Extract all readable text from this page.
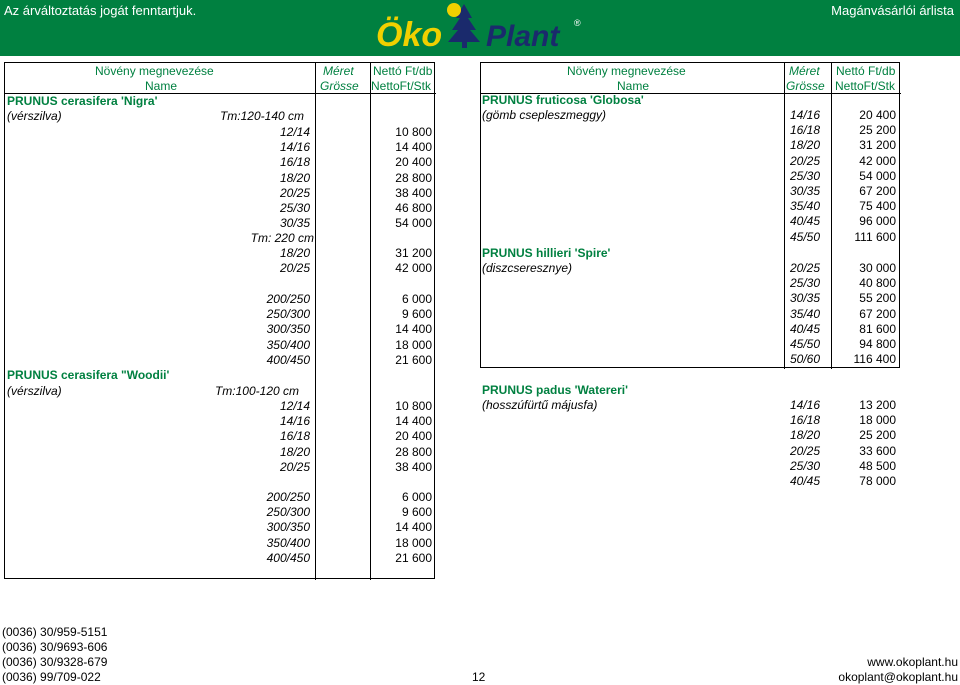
Az árváltoztatás jogát fenntartjuk.	Magánvásárlói árlista
Öko Plant ®
Növény megnevezése	Méret Nettó Ft/db
Name	Grösse NettoFt/Stk
PRUNUS cerasifera 'Nigra'
(vérszilva)	Tm:120-140 cm
12/14	10 800
14/16	14 400
16/18	20 400
18/20	28 800
20/25	38 400
25/30	46 800
30/35	54 000
Tm: 220 cm
18/20	31 200
20/25	42 000
200/250	6 000
250/300	9 600
300/350	14 400
350/400	18 000
400/450	21 600
PRUNUS cerasifera "Woodii'
(vérszilva)	Tm:100-120 cm
12/14	10 800
14/16	14 400
16/18	20 400
18/20	28 800
20/25	38 400
200/250	6 000
250/300	9 600
300/350	14 400
350/400	18 000
400/450	21 600
Növény megnevezése	Méret Nettó Ft/db
Name	Grösse NettoFt/Stk
PRUNUS fruticosa 'Globosa'
(gömb csepleszmeggy)	14/16	20 400
16/18	25 200
18/20	31 200
20/25	42 000
25/30	54 000
30/35	67 200
35/40	75 400
40/45	96 000
45/50	111 600
PRUNUS hillieri 'Spire'
(diszcseresznye)	20/25	30 000
25/30	40 800
30/35	55 200
35/40	67 200
40/45	81 600
45/50	94 800
50/60	116 400
PRUNUS padus 'Watereri'
(hosszúfürtű májusfa)	14/16	13 200
16/18	18 000
18/20	25 200
20/25	33 600
25/30	48 500
40/45	78 000
(0036) 30/959-5151
(0036) 30/9693-606
(0036) 30/9328-679
(0036) 99/709-022	12
www.okoplant.hu
okoplant@okoplant.hu
